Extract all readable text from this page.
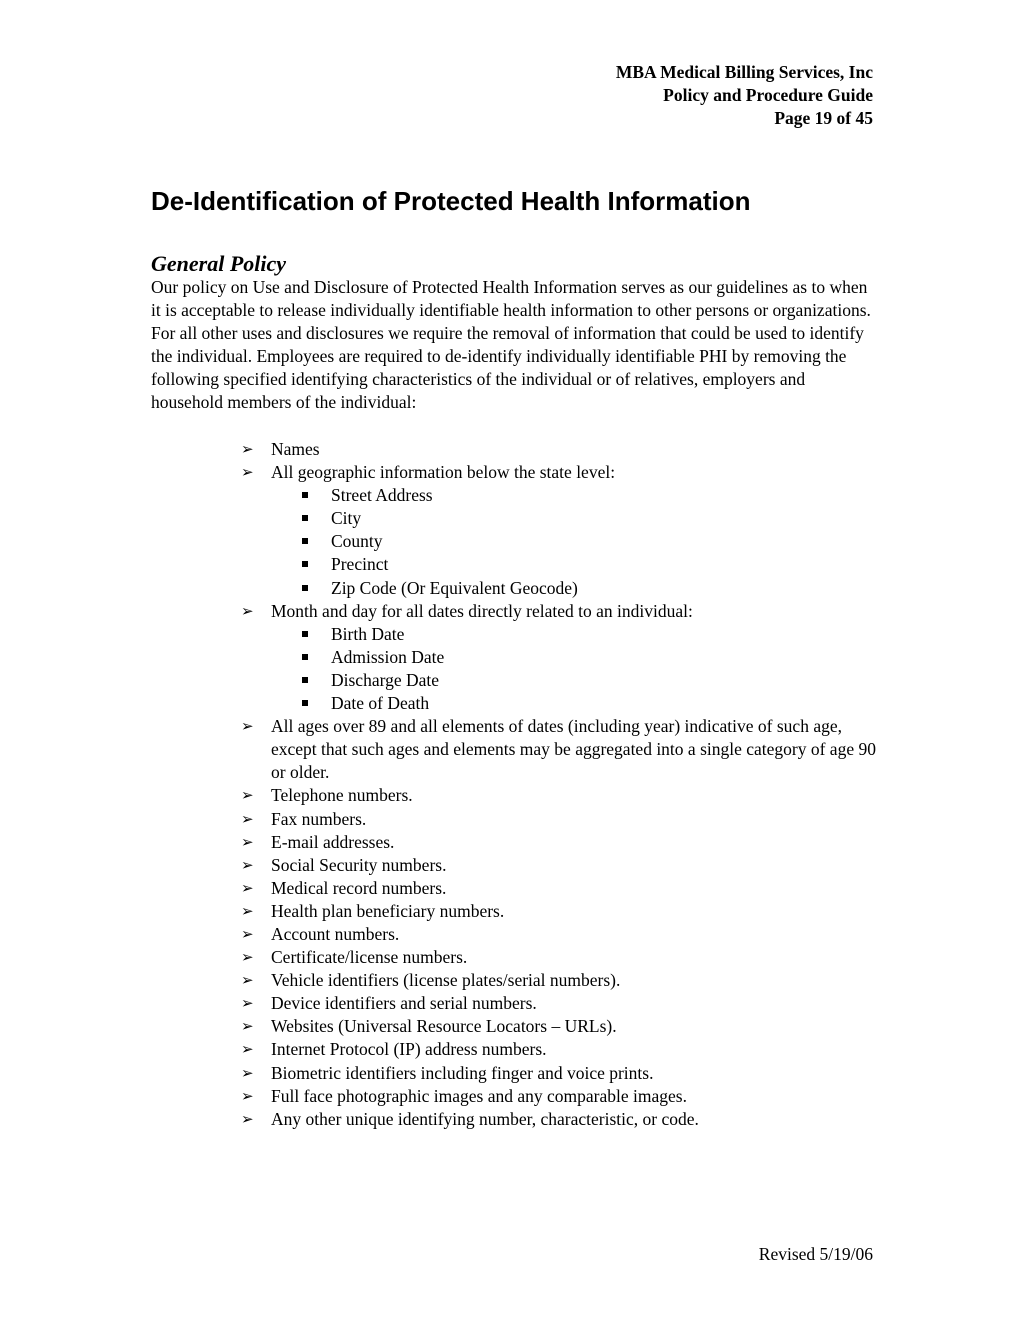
MBA Medical Billing Services, Inc
Policy and Procedure Guide
Page 19 of 45
De-Identification of Protected Health Information
General Policy

Our policy on Use and Disclosure of Protected Health Information serves as our guidelines as to when it is acceptable to release individually identifiable health information to other persons or organizations. For all other uses and disclosures we require the removal of information that could be used to identify the individual. Employees are required to de-identify individually identifiable PHI by removing the following specified identifying characteristics of the individual or of relatives, employers and household members of the individual:

➢ Names
➢ All geographic information below the state level:
Street Address
City
County
Precinct
Zip Code (Or Equivalent Geocode)
➢ Month and day for all dates directly related to an individual:
Birth Date
Admission Date
Discharge Date
Date of Death
➢ All ages over 89 and all elements of dates (including year) indicative of such age, except that such ages and elements may be aggregated into a single category of age 90 or older.
➢ Telephone numbers.
➢ Fax numbers.
➢ E-mail addresses.
➢ Social Security numbers.
➢ Medical record numbers.
➢ Health plan beneficiary numbers.
➢ Account numbers.
➢ Certificate/license numbers.
➢ Vehicle identifiers (license plates/serial numbers).
➢ Device identifiers and serial numbers.
➢ Websites (Universal Resource Locators – URLs).
➢ Internet Protocol (IP) address numbers.
➢ Biometric identifiers including finger and voice prints.
➢ Full face photographic images and any comparable images.
➢ Any other unique identifying number, characteristic, or code.
Revised 5/19/06
